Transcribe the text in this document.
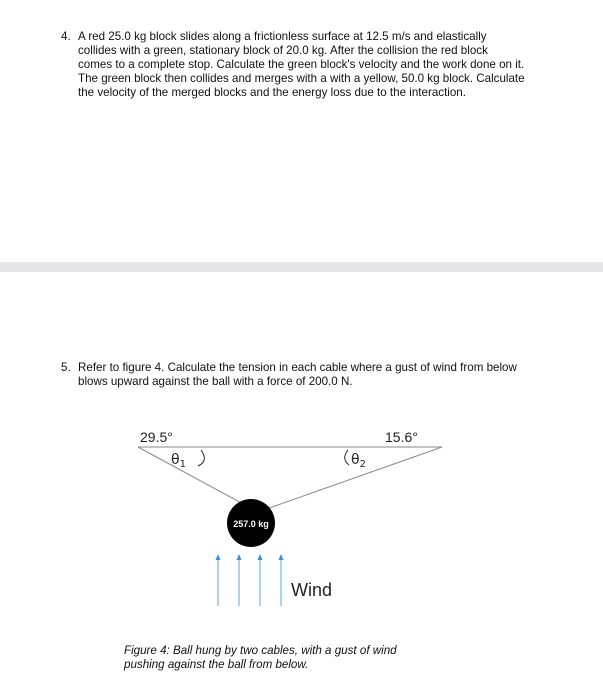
4. A red 25.0 kg block slides along a frictionless surface at 12.5 m/s and elastically
collides with a green, stationary block of 20.0 kg. After the collision the red block
comes to a complete stop. Calculate the green block's velocity and the work done on it.
The green block then collides and merges with a with a yellow, 50.0 kg block. Calculate
the velocity of the merged blocks and the energy loss due to the interaction.
5. Refer to figure 4. Calculate the tension in each cable where a gust of wind from below
blows upward against the ball with a force of 200.0 N.
29.5°	15.6°
$\theta_1$	$\theta_2$
257.0 kg
Wind
Figure 4: Ball hung by two cables, with a gust of wind
pushing against the ball from below.
